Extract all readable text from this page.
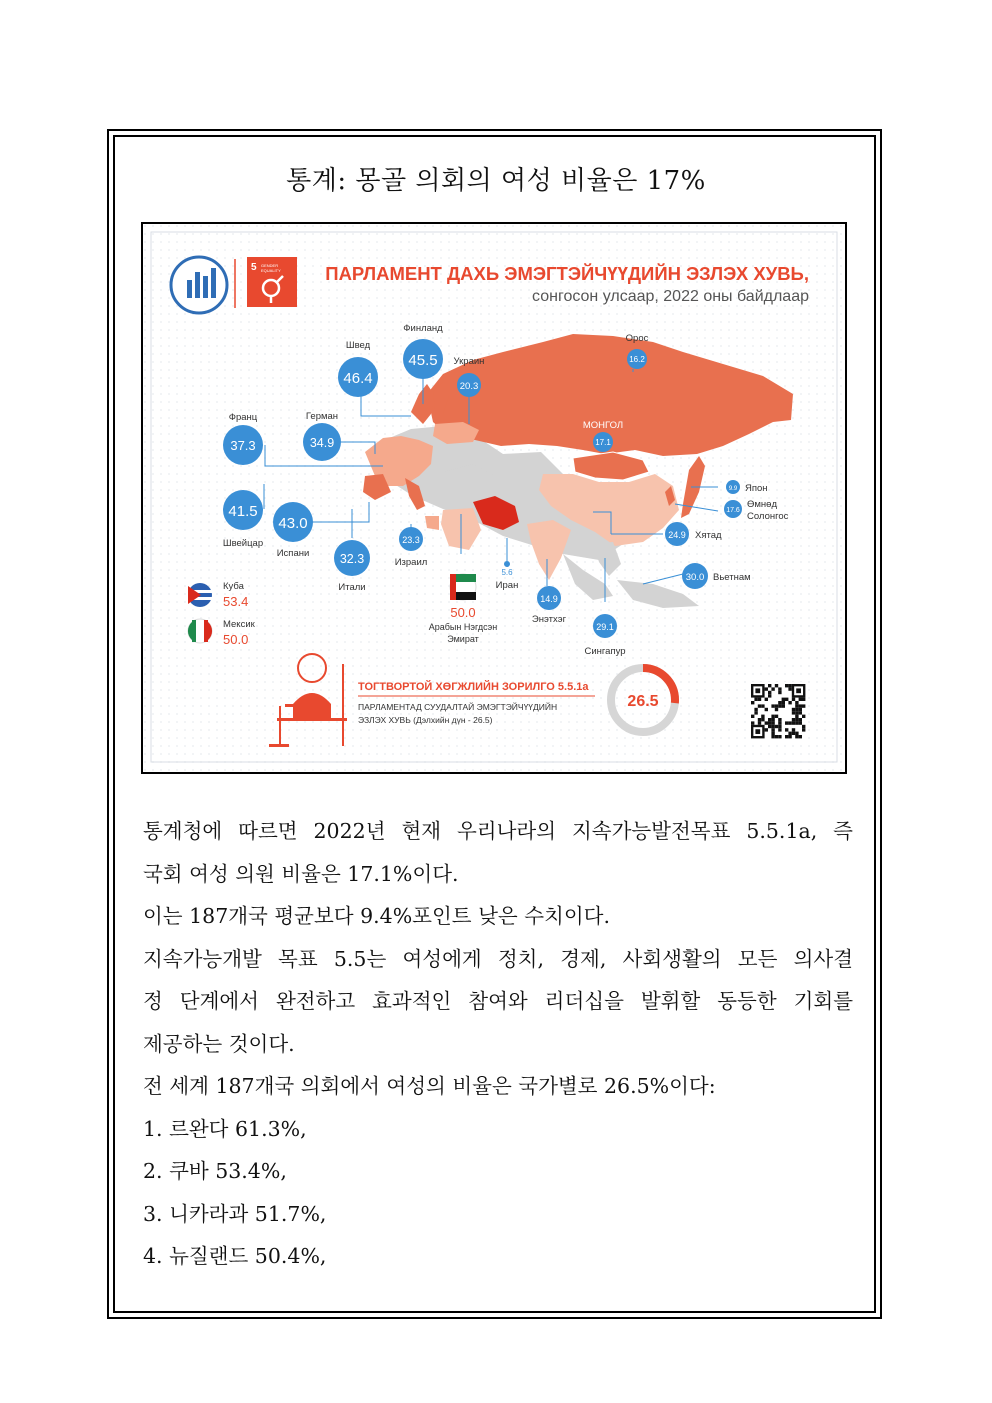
통계: 몽골 의회의 여성 비율은 17%
5 GENDER
EQUALITY ПАРЛАМЕНТ ДАХЬ ЭМЭГТЭЙЧҮҮДИЙН ЭЗЛЭХ ХУВЬ,
сонгосон улсаар, 2022 оны байдлаар
45.5
Финланд
46.4
Швед
20.3
Украин	16.2
Орос
37.3
Франц
34.9
Герман
МОНГОЛ
17.1
9.9 Япон
17.6
Өмнөд
Солонгос
41.5
Швейцар
43.0
Испани 32.3
Итали
23.3
Израил
5.6
Иран
24.9 Хятад
30.0 Вьетнам
14.9
Энэтхэг
29.1
Сингапур
Куба
53.4
Мексик
50.0
50.0
Арабын Нэгдсэн
Эмират
ТОГТВОРТОЙ ХӨГЖЛИЙН ЗОРИЛГО 5.5.1а
ПАРЛАМЕНТАД СУУДАЛТАЙ ЭМЭГТЭЙЧҮҮДИЙН
ЭЗЛЭХ ХУВЬ (Дэлхийн дүн - 26.5)
26.5

통계청에 따르면 2022년 현재 우리나라의 지속가능발전목표 5.5.1a, 즉

국회 여성 의원 비율은 17.1%이다.

이는 187개국 평균보다 9.4%포인트 낮은 수치이다.

지속가능개발 목표 5.5는 여성에게 정치, 경제, 사회생활의 모든 의사결

정 단계에서 완전하고 효과적인 참여와 리더십을 발휘할 동등한 기회를

제공하는 것이다.

전 세계 187개국 의회에서 여성의 비율은 국가별로 26.5%이다:

1. 르완다 61.3%,

2. 쿠바 53.4%,

3. 니카라과 51.7%,

4. 뉴질랜드 50.4%,
